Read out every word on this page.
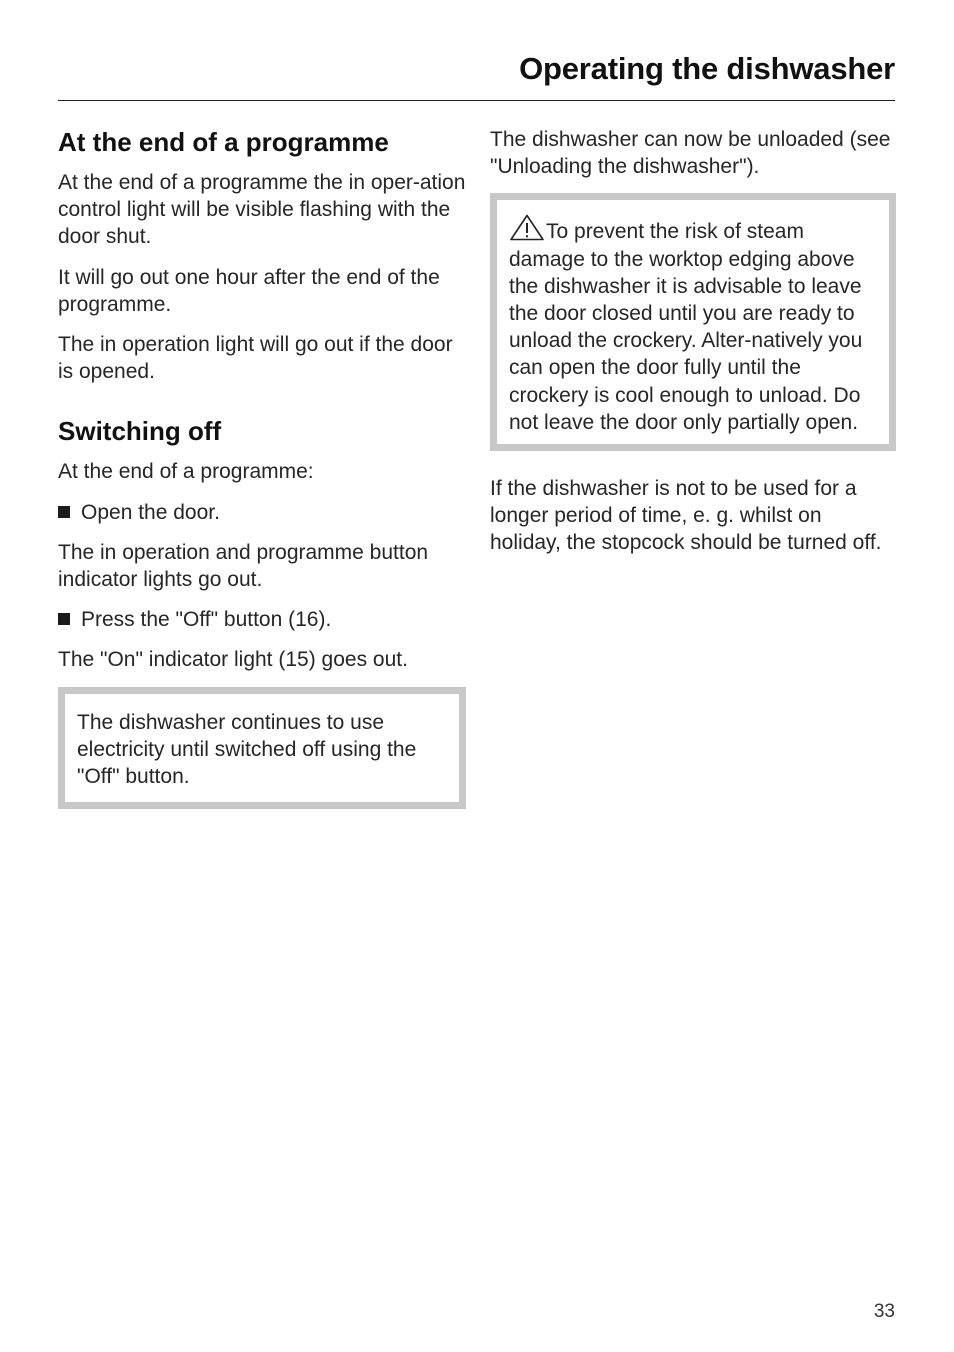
Operating the dishwasher
At the end of a programme

At the end of a programme the in oper-ation control light will be visible flashing with the door shut.

It will go out one hour after the end of the programme.

The in operation light will go out if the door is opened.

Switching off

At the end of a programme:

Open the door.

The in operation and programme button indicator lights go out.

Press the "Off" button (16).

The "On" indicator light (15) goes out.

The dishwasher continues to use electricity until switched off using the "Off" button.

The dishwasher can now be unloaded (see "Unloading the dishwasher").

To prevent the risk of steam damage to the worktop edging above the dishwasher it is advisable to leave the door closed until you are ready to unload the crockery. Alter-natively you can open the door fully until the crockery is cool enough to unload. Do not leave the door only partially open.

If the dishwasher is not to be used for a longer period of time, e. g. whilst on holiday, the stopcock should be turned off.

33
